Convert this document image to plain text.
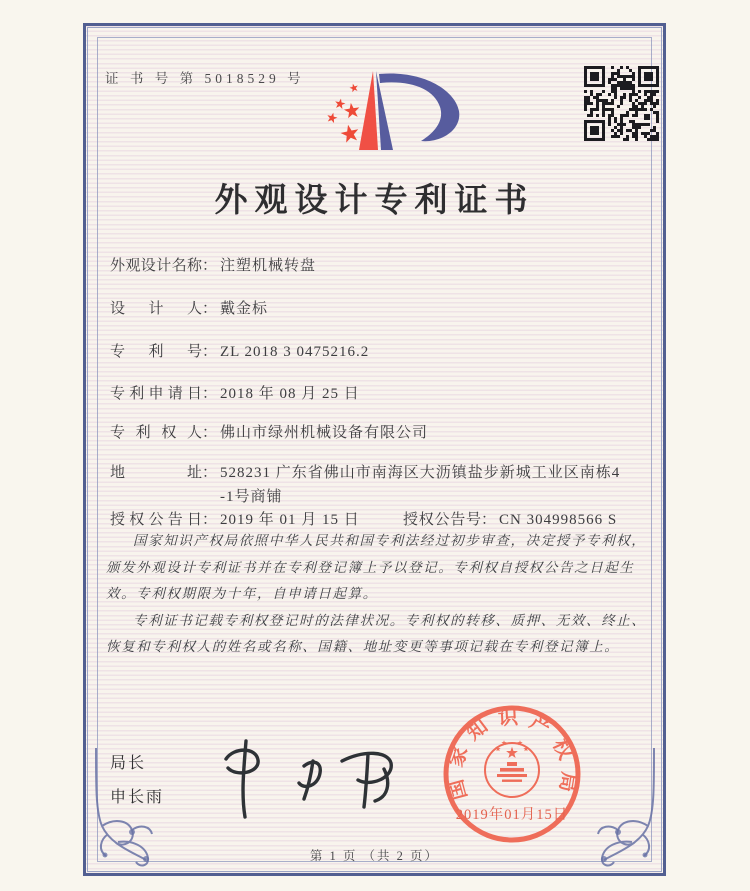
证 书 号 第 5018529 号
外观设计专利证书
外观设计名称： 注塑机械转盘
设计人： 戴金标
专利号： ZL 2018 3 0475216.2
专利申请日： 2018 年 08 月 25 日
专利权人： 佛山市绿州机械设备有限公司
地址： 528231 广东省佛山市南海区大沥镇盐步新城工业区南栋4
-1号商铺
授权公告日： 2019 年 01 月 15 日	授权公告号： CN 304998566 S

国家知识产权局依照中华人民共和国专利法经过初步审查，决定授予专利权，颁发外观设计专利证书并在专利登记簿上予以登记。专利权自授权公告之日起生效。专利权期限为十年，自申请日起算。

专利证书记载专利权登记时的法律状况。专利权的转移、质押、无效、终止、恢复和专利权人的姓名或名称、国籍、地址变更等事项记载在专利登记簿上。

局长
申长雨	国家知识产权局
2019年01月15日
第 1 页 （共 2 页）
